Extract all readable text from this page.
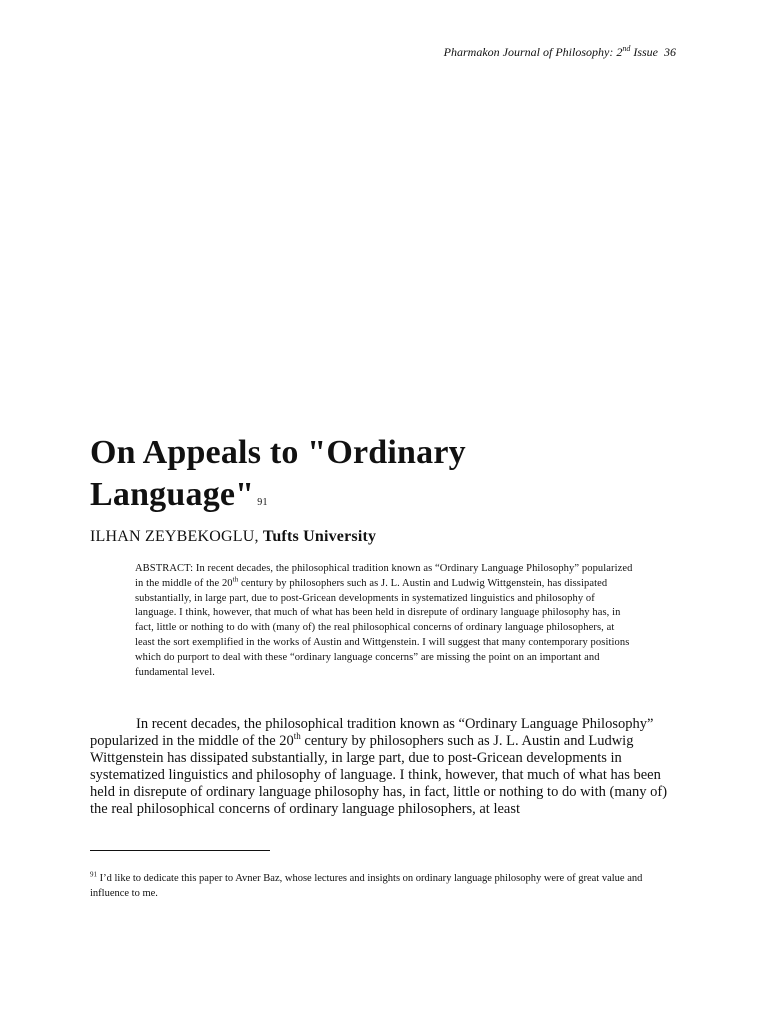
Pharmakon Journal of Philosophy: 2nd Issue 36
On Appeals to "Ordinary Language" 91
ILHAN ZEYBEKOGLU, Tufts University

ABSTRACT: In recent decades, the philosophical tradition known as “Ordinary Language Philosophy” popularized in the middle of the 20th century by philosophers such as J. L. Austin and Ludwig Wittgenstein, has dissipated substantially, in large part, due to post-Gricean developments in systematized linguistics and philosophy of language. I think, however, that much of what has been held in disrepute of ordinary language philosophy has, in fact, little or nothing to do with (many of) the real philosophical concerns of ordinary language philosophers, at least the sort exemplified in the works of Austin and Wittgenstein. I will suggest that many contemporary positions which do purport to deal with these “ordinary language concerns” are missing the point on an important and fundamental level.

In recent decades, the philosophical tradition known as “Ordinary Language Philosophy” popularized in the middle of the 20th century by philosophers such as J. L. Austin and Ludwig Wittgenstein has dissipated substantially, in large part, due to post-Gricean developments in systematized linguistics and philosophy of language. I think, however, that much of what has been held in disrepute of ordinary language philosophy has, in fact, little or nothing to do with (many of) the real philosophical concerns of ordinary language philosophers, at least

$^{91}$ I’d like to dedicate this paper to Avner Baz, whose lectures and insights on ordinary language philosophy were of great value and influence to me.
